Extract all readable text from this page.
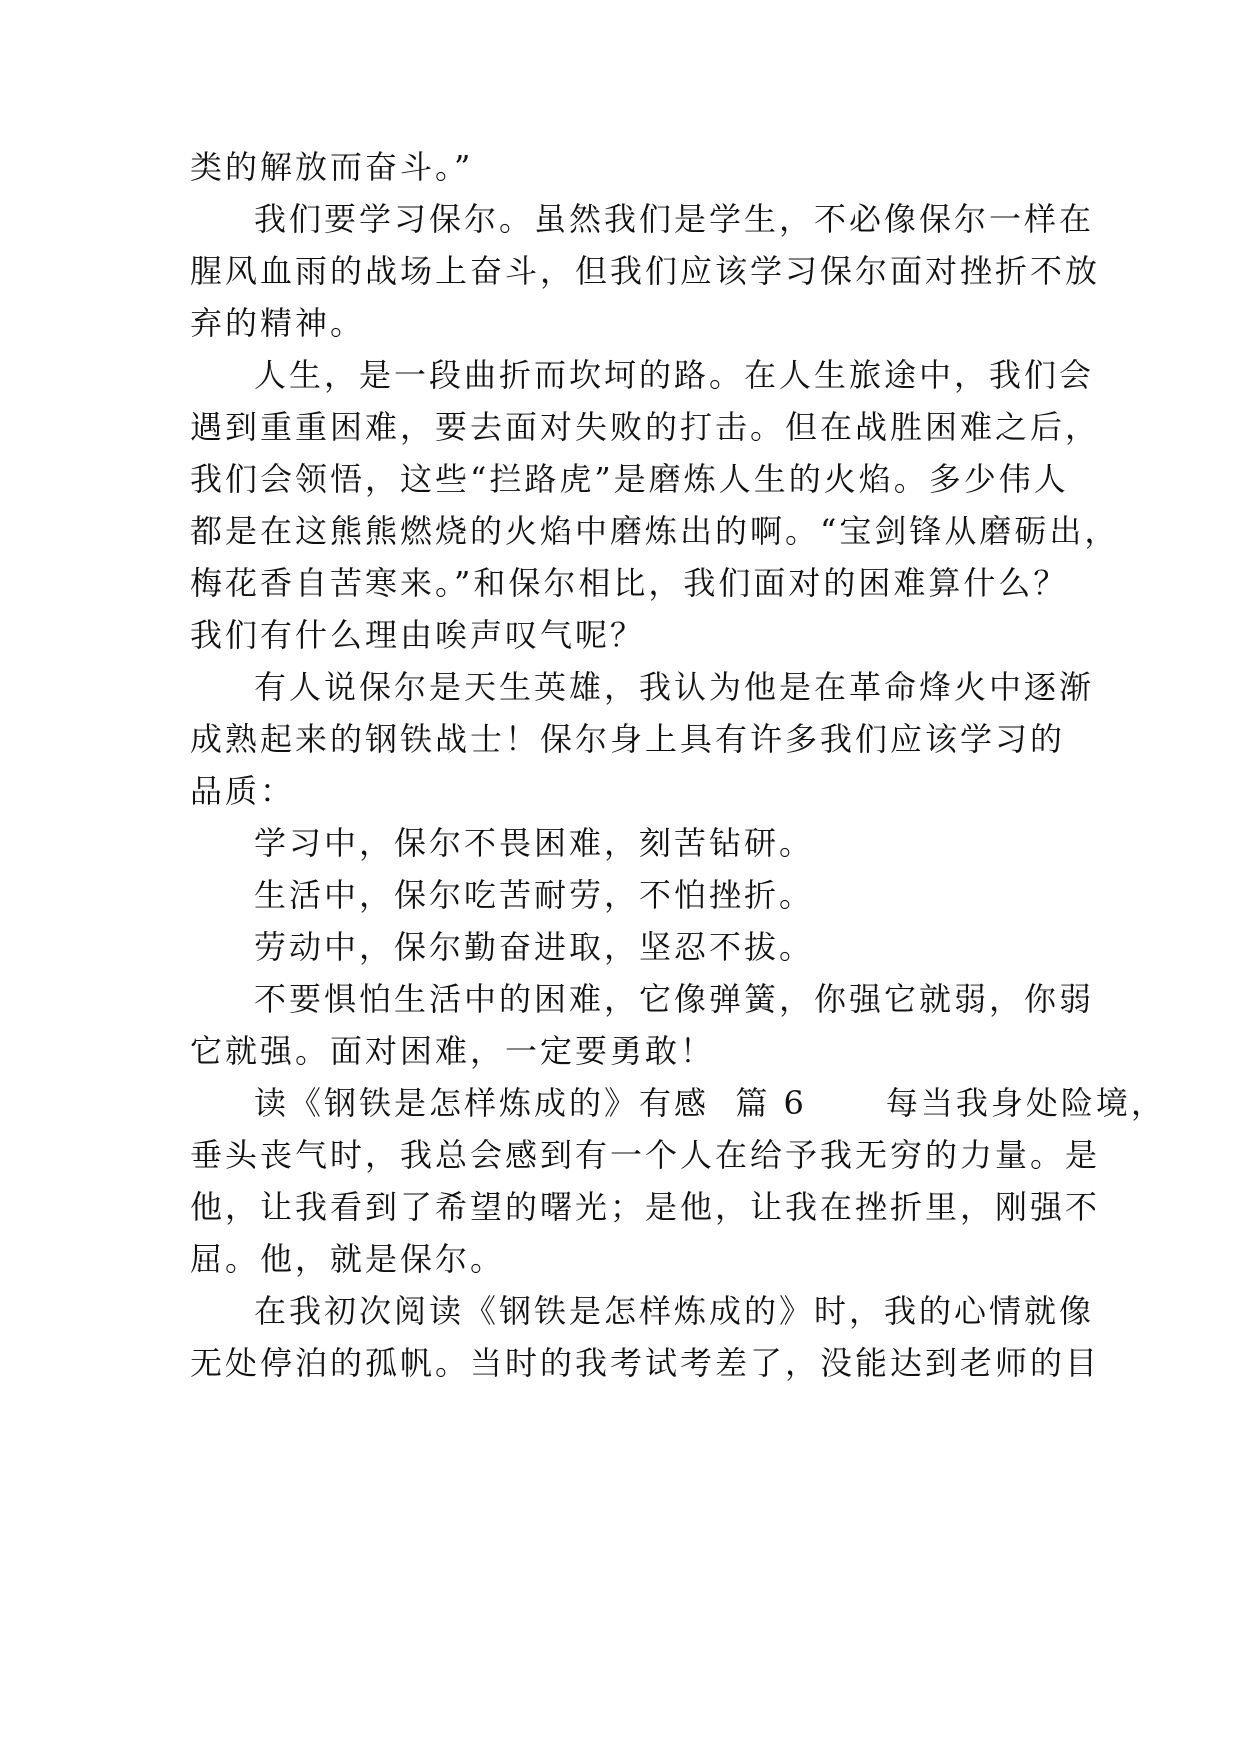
类的解放而奋斗。”
我们要学习保尔。虽然我们是学生，不必像保尔一样在
腥风血雨的战场上奋斗，但我们应该学习保尔面对挫折不放
弃的精神。
人生，是一段曲折而坎坷的路。在人生旅途中，我们会
遇到重重困难，要去面对失败的打击。但在战胜困难之后，
我们会领悟，这些“拦路虎”是磨炼人生的火焰。多少伟人
都是在这熊熊燃烧的火焰中磨炼出的啊。“宝剑锋从磨砺出，
梅花香自苦寒来。”和保尔相比，我们面对的困难算什么？
我们有什么理由唉声叹气呢？
有人说保尔是天生英雄，我认为他是在革命烽火中逐渐
成熟起来的钢铁战士！保尔身上具有许多我们应该学习的
品质：
学习中，保尔不畏困难，刻苦钻研。
生活中，保尔吃苦耐劳，不怕挫折。
劳动中，保尔勤奋进取，坚忍不拔。
不要惧怕生活中的困难，它像弹簧，你强它就弱，你弱
它就强。面对困难，一定要勇敢！
读《钢铁是怎样炼成的》有感  篇 6      每当我身处险境，
垂头丧气时，我总会感到有一个人在给予我无穷的力量。是
他，让我看到了希望的曙光；是他，让我在挫折里，刚强不
屈。他，就是保尔。
在我初次阅读《钢铁是怎样炼成的》时，我的心情就像
无处停泊的孤帆。当时的我考试考差了，没能达到老师的目
